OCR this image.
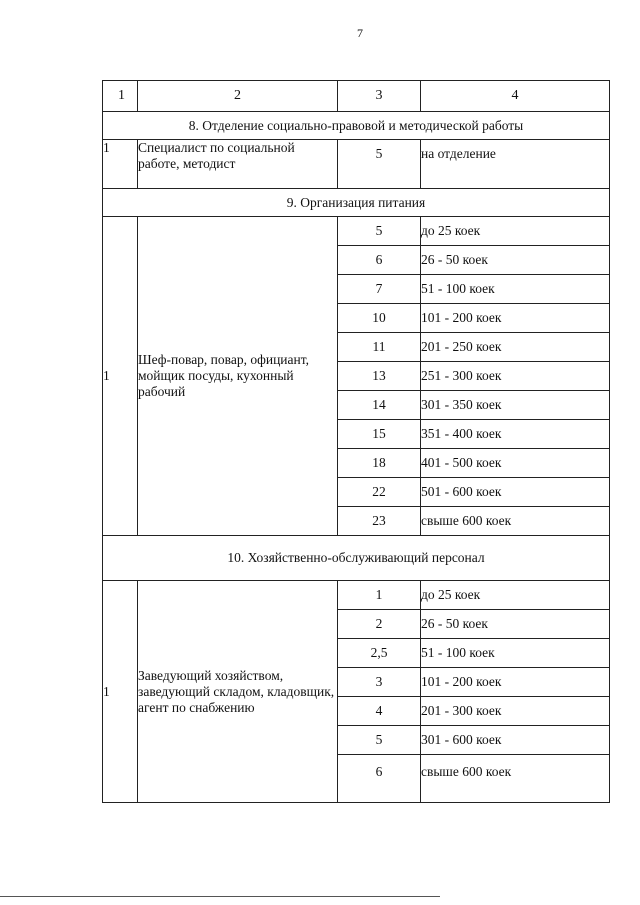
7
1	2	3	4
8. Отделение социально-правовой и методической работы			
1	Специалист по социальной работе, методист	5	на отделение
9. Организация питания			
1	Шеф-повар, повар, официант, мойщик посуды, кухонный рабочий	5	до 25 коек
		6	26 - 50 коек
		7	51 - 100 коек
		10	101 - 200 коек
		11	201 - 250 коек
		13	251 - 300 коек
		14	301 - 350 коек
		15	351 - 400 коек
		18	401 - 500 коек
		22	501 - 600 коек
		23	свыше 600 коек
10. Хозяйственно-обслуживающий персонал			
1	Заведующий хозяйством, заведующий складом, кладовщик, агент по снабжению	1	до 25 коек
		2	26 - 50 коек
		2,5	51 - 100 коек
		3	101 - 200 коек
		4	201 - 300 коек
		5	301 - 600 коек
		6	свыше 600 коек
